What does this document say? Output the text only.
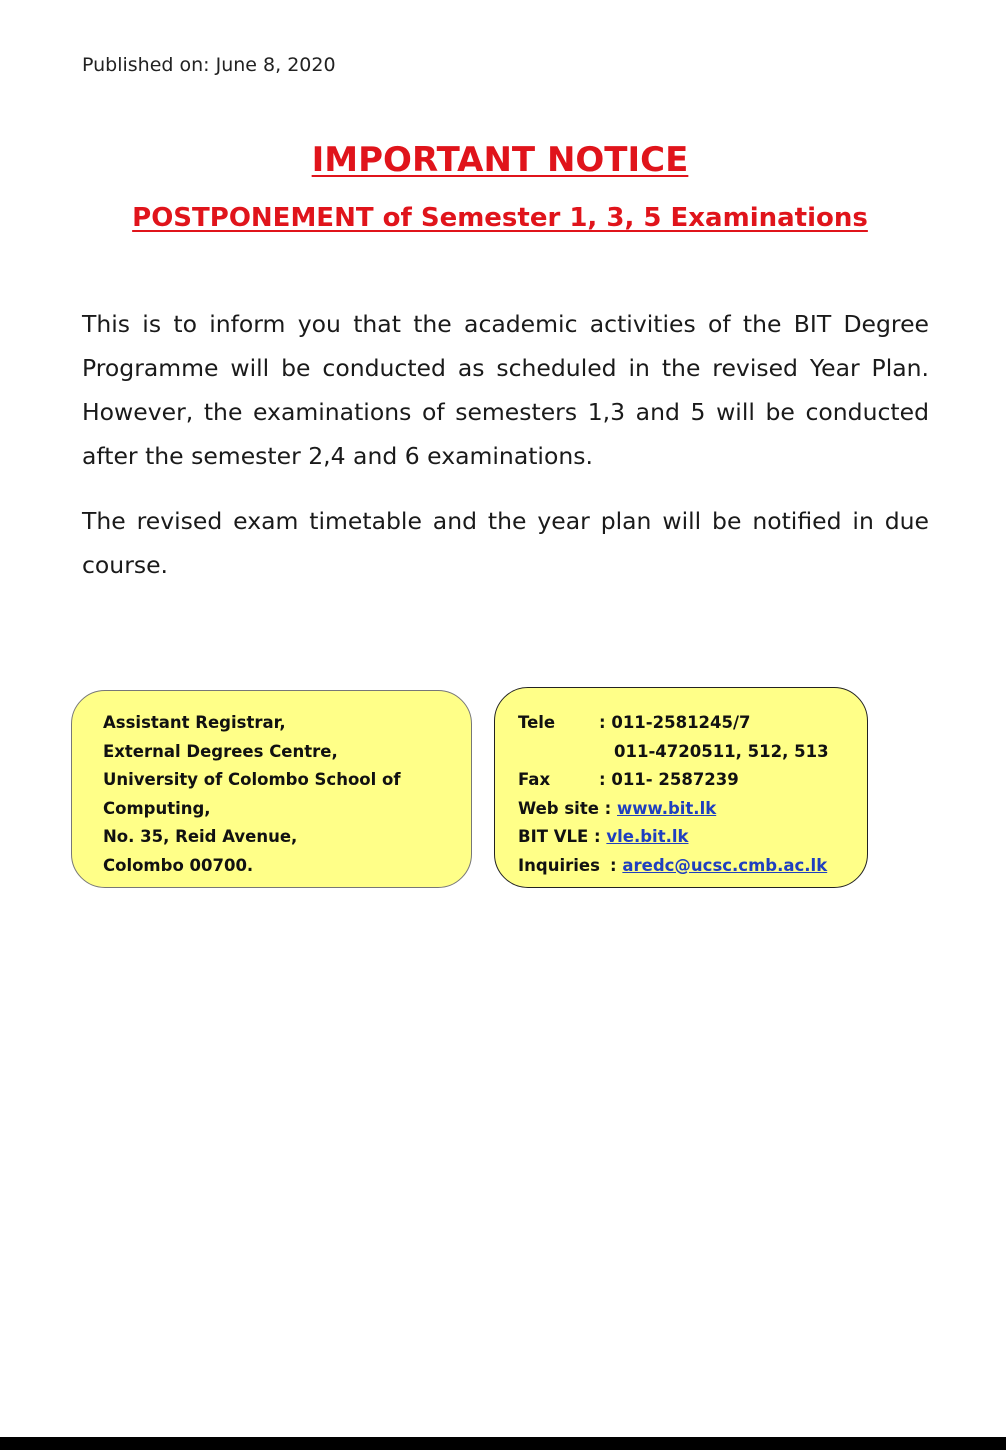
Published on: June 8, 2020
IMPORTANT NOTICE
POSTPONEMENT of Semester 1, 3, 5 Examinations

This is to inform you that the academic activities of the BIT Degree Programme will be conducted as scheduled in the revised Year Plan. However, the examinations of semesters 1,3 and 5 will be conducted after the semester 2,4 and 6 examinations.

The revised exam timetable and the year plan will be notified in due course.

Assistant Registrar,
External Degrees Centre,
University of Colombo School of
Computing,
No. 35, Reid Avenue,
Colombo 00700.
Tele	: 011-2581245/7
011-4720511, 512, 513
Fax	: 011- 2587239
Web site : www.bit.lk
BIT VLE : vle.bit.lk
Inquiries : aredc@ucsc.cmb.ac.lk
